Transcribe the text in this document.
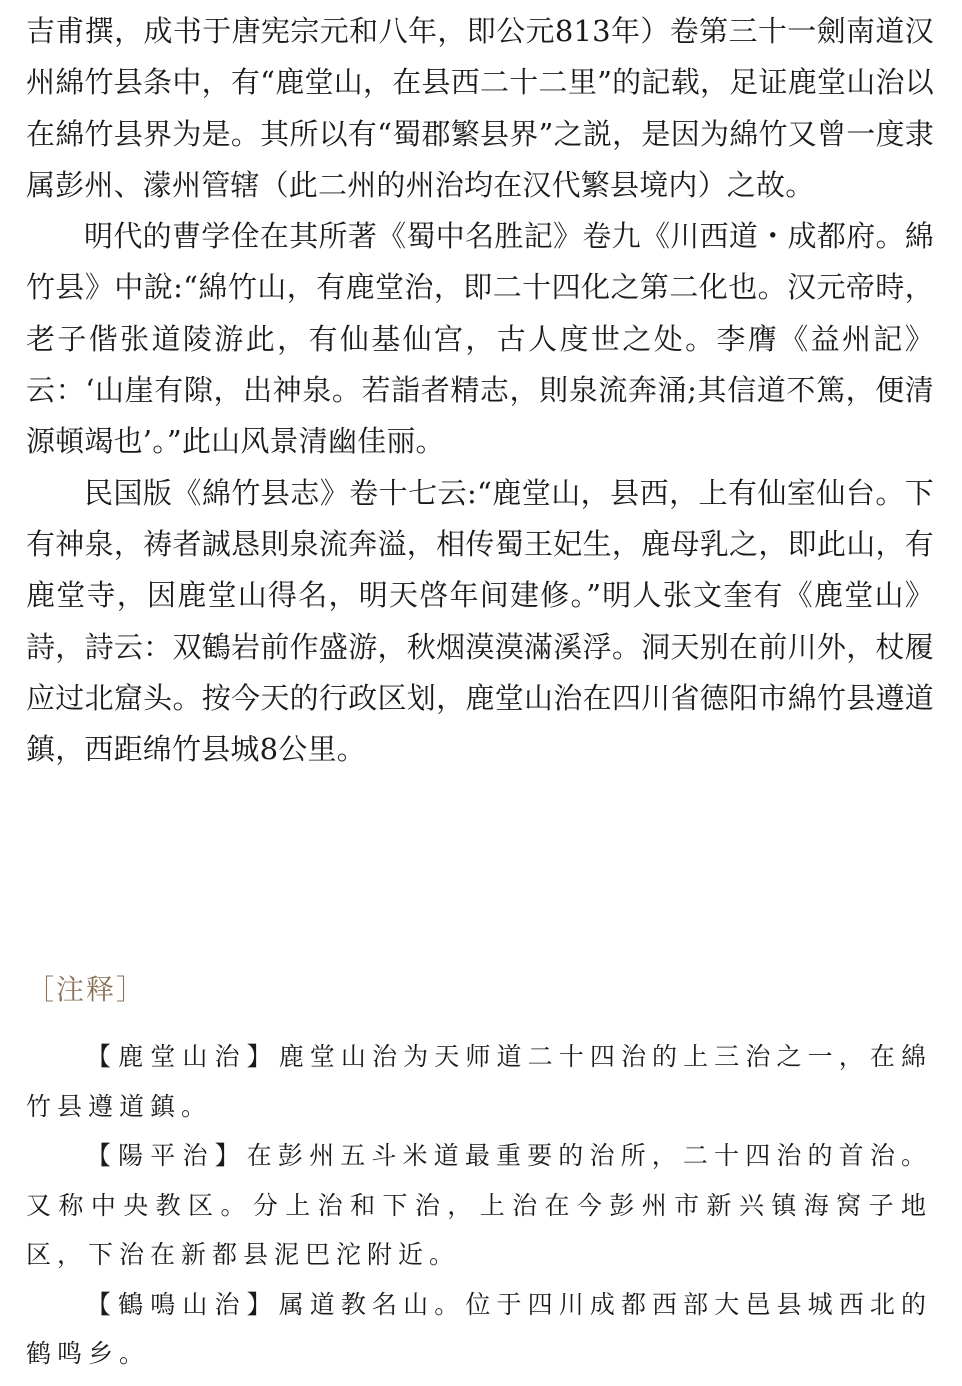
吉甫撰，成书于唐宪宗元和八年，即公元813年）卷第三十一劍南道汉州綿竹县条中，有“鹿堂山，在县西二十二里”的記载，足证鹿堂山治以在綿竹县界为是。其所以有“蜀郡繁县界”之説，是因为綿竹又曾一度隶属彭州、濛州管辖（此二州的州治均在汉代繁县境内）之故。

明代的曹学佺在其所著《蜀中名胜記》卷九《川西道・成都府。綿竹县》中說:“綿竹山，有鹿堂治，即二十四化之第二化也。汉元帝時，老子偕张道陵游此，有仙基仙宫，古人度世之处。李膺《益州記》云：‘山崖有隙，出神泉。若詣者精志，則泉流奔涌;其信道不篤，便清源頓竭也’。”此山风景清幽佳丽。

民国版《綿竹县志》卷十七云:“鹿堂山，县西，上有仙室仙台。下有神泉，祷者誠恳則泉流奔溢，相传蜀王妃生，鹿母乳之，即此山，有鹿堂寺，因鹿堂山得名，明天啓年间建修。”明人张文奎有《鹿堂山》詩，詩云：双鶴岩前作盛游，秋烟漠漠滿溪浮。洞天别在前川外，杖履应过北窟头。按今天的行政区划，鹿堂山治在四川省德阳市綿竹县遵道鎮，西距绵竹县城8公里。

［注释］

【鹿堂山治】鹿堂山治为天师道二十四治的上三治之一，在綿竹县遵道鎮。

【陽平治】在彭州五斗米道最重要的治所，二十四治的首治。又称中央教区。分上治和下治，上治在今彭州市新兴镇海窝子地区，下治在新都县泥巴沱附近。

【鶴鳴山治】属道教名山。位于四川成都西部大邑县城西北的鹤鸣乡。
